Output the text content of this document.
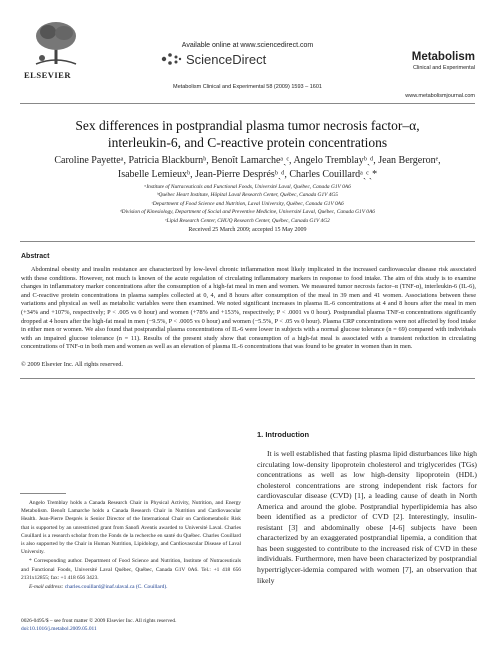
ELSEVIER
Available online at www.sciencedirect.com
ScienceDirect
Metabolism Clinical and Experimental 58 (2009) 1593 – 1601
Metabolism
Clinical and Experimental
www.metabolismjournal.com
Sex differences in postprandial plasma tumor necrosis factor–α,
interleukin-6, and C-reactive protein concentrations
Caroline Payetteᵃ, Patricia Blackburnᵇ, Benoît Lamarcheᵃˎᶜ, Angelo Tremblayᵇˎᵈ, Jean Bergeronᵉ,
Isabelle Lemieuxᵇ, Jean-Pierre Desprésᵇˎᵈ, Charles Couillardᵃˎᶜˎ*
ᵃInstitute of Nutraceuticals and Functional Foods, Université Laval, Québec, Canada G1V 0A6
ᵇQuébec Heart Institute, Hôpital Laval Research Center, Québec, Canada G1V 4G5
ᶜDepartment of Food Science and Nutrition, Laval University, Québec, Canada G1V 0A6
ᵈDivision of Kinesiology, Department of Social and Preventive Medicine, Université Laval, Québec, Canada G1V 0A6
ᵉLipid Research Center, CHUQ Research Center, Québec, Canada G1V 4G2
Received 25 March 2009; accepted 15 May 2009
Abstract
Abdominal obesity and insulin resistance are characterized by low-level chronic inflammation most likely implicated in the increased cardiovascular disease risk associated with these conditions. However, not much is known of the acute regulation of circulating inflammatory markers in response to food intake. The aim of this study is to examine changes in inflammatory marker concentrations after the consumption of a high-fat meal in men and women. We measured tumor necrosis factor–α (TNF-α), interleukin-6 (IL-6), and C-reactive protein concentrations in plasma samples collected at 0, 4, and 8 hours after consumption of the meal in 39 men and 41 women. Associations between these variations and physical as well as metabolic variables were then examined. We noted significant increases in plasma IL-6 concentrations at 4 and 8 hours after the meal in men (+34% and +107%, respectively; P < .005 vs 0 hour) and women (+78% and +153%, respectively; P < .0001 vs 0 hour). Postprandial plasma TNF-α concentrations significantly dropped at 4 hours after the high-fat meal in men (−9.5%, P < .0005 vs 0 hour) and women (−5.5%, P < .05 vs 0 hour). Plasma CRP concentrations were not affected by food intake in either men or women. We also found that postprandial plasma concentrations of IL-6 were lower in subjects with a normal glucose tolerance (n = 69) compared with individuals with an impaired glucose tolerance (n = 11). Results of the present study show that consumption of a high-fat meal is associated with a transient reduction in circulating concentrations of TNF-α in both men and women as well as an elevation of plasma IL-6 concentrations that was found to be greater in women than in men.
© 2009 Elsevier Inc. All rights reserved.

Angelo Tremblay holds a Canada Research Chair in Physical Activity, Nutrition, and Energy Metabolism. Benoît Lamarche holds a Canada Research Chair in Nutrition and Cardiovascular Health. Jean-Pierre Després is Senior Director of the International Chair on Cardiometabolic Risk that is supported by an unrestricted grant from Sanofi Aventis awarded to Université Laval. Charles Couillard is a research scholar from the Fonds de la recherche en santé du Québec. Charles Couillard is also supported by the Chair in Human Nutrition, Lipidology, and Cardiovascular Disease of Laval University.

* Corresponding author. Department of Food Science and Nutrition, Institute of Nutraceuticals and Functional Foods, Université Laval Québec, Québec, Canada G1V 0A6. Tel.: +1 418 656 2131x12855; fax: +1 418 656 3423.

E-mail address: charles.couillard@inaf.ulaval.ca (C. Couillard).

0026-0495/$ – see front matter © 2009 Elsevier Inc. All rights reserved.
doi:10.1016/j.metabol.2009.05.011
1. Introduction
It is well established that fasting plasma lipid disturbances like high circulating low-density lipoprotein cholesterol and triglycerides (TGs) concentrations as well as low high-density lipoprotein (HDL) cholesterol concentrations are strong independent risk factors for cardiovascular disease (CVD) [1], a leading cause of death in North America and around the globe. Postprandial hyperlipidemia has also been identified as a predictor of CVD [2]. Interestingly, insulin-resistant [3] and abdominally obese [4-6] subjects have been characterized by an exaggerated postprandial lipemia, a condition that has been suggested to contribute to the increased risk of CVD in these individuals. Furthermore, men have been characterized by postprandial hypertriglycer-idemia compared with women [7], an observation that likely
